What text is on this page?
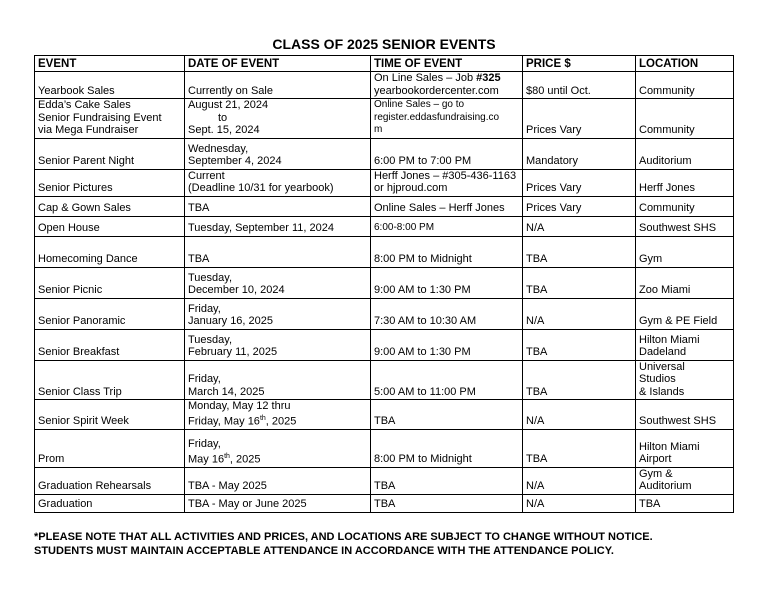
CLASS OF 2025 SENIOR EVENTS
EVENT	DATE OF EVENT	TIME OF EVENT	PRICE $	LOCATION

Yearbook Sales	Currently on Sale	On Line Sales – Job #325
yearbookordercenter.com	$80 until Oct.	Community

Edda’s Cake Sales
Senior Fundraising Event
via Mega Fundraiser	August 21, 2024
to
Sept. 15, 2024	Online Sales – go to
register.eddasfundraising.co
m	Prices Vary	Community

Senior Parent Night	Wednesday,
September 4, 2024	6:00 PM to 7:00 PM	Mandatory	Auditorium

Senior Pictures	Current
(Deadline 10/31 for yearbook)	Herff Jones – #305-436-1163
or hjproud.com	Prices Vary	Herff Jones

Cap & Gown Sales	TBA	Online Sales – Herff Jones	Prices Vary	Community

Open House	Tuesday, September 11, 2024	6:00-8:00 PM	N/A	Southwest SHS

Homecoming Dance	TBA	8:00 PM to Midnight	TBA	Gym

Senior Picnic	Tuesday,
December 10, 2024	9:00 AM to 1:30 PM	TBA	Zoo Miami

Senior Panoramic	Friday,
January 16, 2025	7:30 AM to 10:30 AM	N/A	Gym & PE Field

Senior Breakfast	Tuesday,
February 11, 2025	9:00 AM to 1:30 PM	TBA	Hilton Miami
Dadeland

Senior Class Trip	Friday,
March 14, 2025	5:00 AM to 11:00 PM	TBA	Universal
Studios
& Islands

Senior Spirit Week	Monday, May 12 thru
Friday, May 16th, 2025	TBA	N/A	Southwest SHS

Prom	Friday,
May 16th, 2025	8:00 PM to Midnight	TBA	Hilton Miami
Airport

Graduation Rehearsals	TBA - May 2025	TBA	N/A	Gym &
Auditorium

Graduation	TBA - May or June 2025	TBA	N/A	TBA
*PLEASE NOTE THAT ALL ACTIVITIES AND PRICES, AND LOCATIONS ARE SUBJECT TO CHANGE WITHOUT NOTICE.
STUDENTS MUST MAINTAIN ACCEPTABLE ATTENDANCE IN ACCORDANCE WITH THE ATTENDANCE POLICY.
